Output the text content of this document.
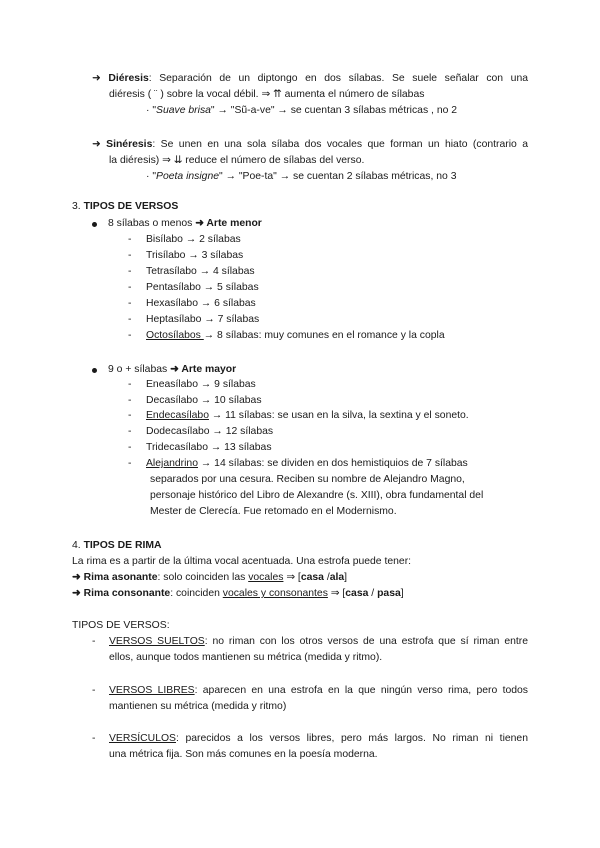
➜ Diéresis: Separación de un diptongo en dos sílabas. Se suele señalar con una
diéresis ( ¨ ) sobre la vocal débil. ⇒ ⇈ aumenta el número de sílabas
· "Suave brisa" → "Sũ-a-ve" → se cuentan 3 sílabas métricas , no 2
➜ Sinéresis: Se unen en una sola sílaba dos vocales que forman un hiato (contrario a
la diéresis) ⇒ ⇊ reduce el número de sílabas del verso.
· "Poeta insigne" → "Poe-ta" → se cuentan 2 sílabas métricas, no 3
3. TIPOS DE VERSOS
8 sílabas o menos ➜ Arte menor
- Bisílabo → 2 sílabas
- Trisílabo → 3 sílabas
- Tetrasílabo → 4 sílabas
- Pentasílabo → 5 sílabas
- Hexasílabo → 6 sílabas
- Heptasílabo → 7 sílabas
- Octosílabos → 8 sílabas: muy comunes en el romance y la copla
9 o + sílabas ➜ Arte mayor
- Eneasílabo → 9 sílabas
- Decasílabo → 10 sílabas
- Endecasílabo → 11 sílabas: se usan en la silva, la sextina y el soneto.
- Dodecasílabo → 12 sílabas
- Tridecasílabo → 13 sílabas
- Alejandrino → 14 sílabas: se dividen en dos hemistiquios de 7 sílabas
separados por una cesura. Reciben su nombre de Alejandro Magno,
personaje histórico del Libro de Alexandre (s. XIII), obra fundamental del
Mester de Clerecía. Fue retomado en el Modernismo.
4. TIPOS DE RIMA
La rima es a partir de la última vocal acentuada. Una estrofa puede tener:
➜ Rima asonante: solo coinciden las vocales ⇒ [casa /ala]
➜ Rima consonante: coinciden vocales y consonantes ⇒ [casa / pasa]
TIPOS DE VERSOS:
- VERSOS SUELTOS: no riman con los otros versos de una estrofa que sí riman entre
ellos, aunque todos mantienen su métrica (medida y ritmo).
- VERSOS LIBRES: aparecen en una estrofa en la que ningún verso rima, pero todos
mantienen su métrica (medida y ritmo)
- VERSÍCULOS: parecidos a los versos libres, pero más largos. No riman ni tienen
una métrica fija. Son más comunes en la poesía moderna.
